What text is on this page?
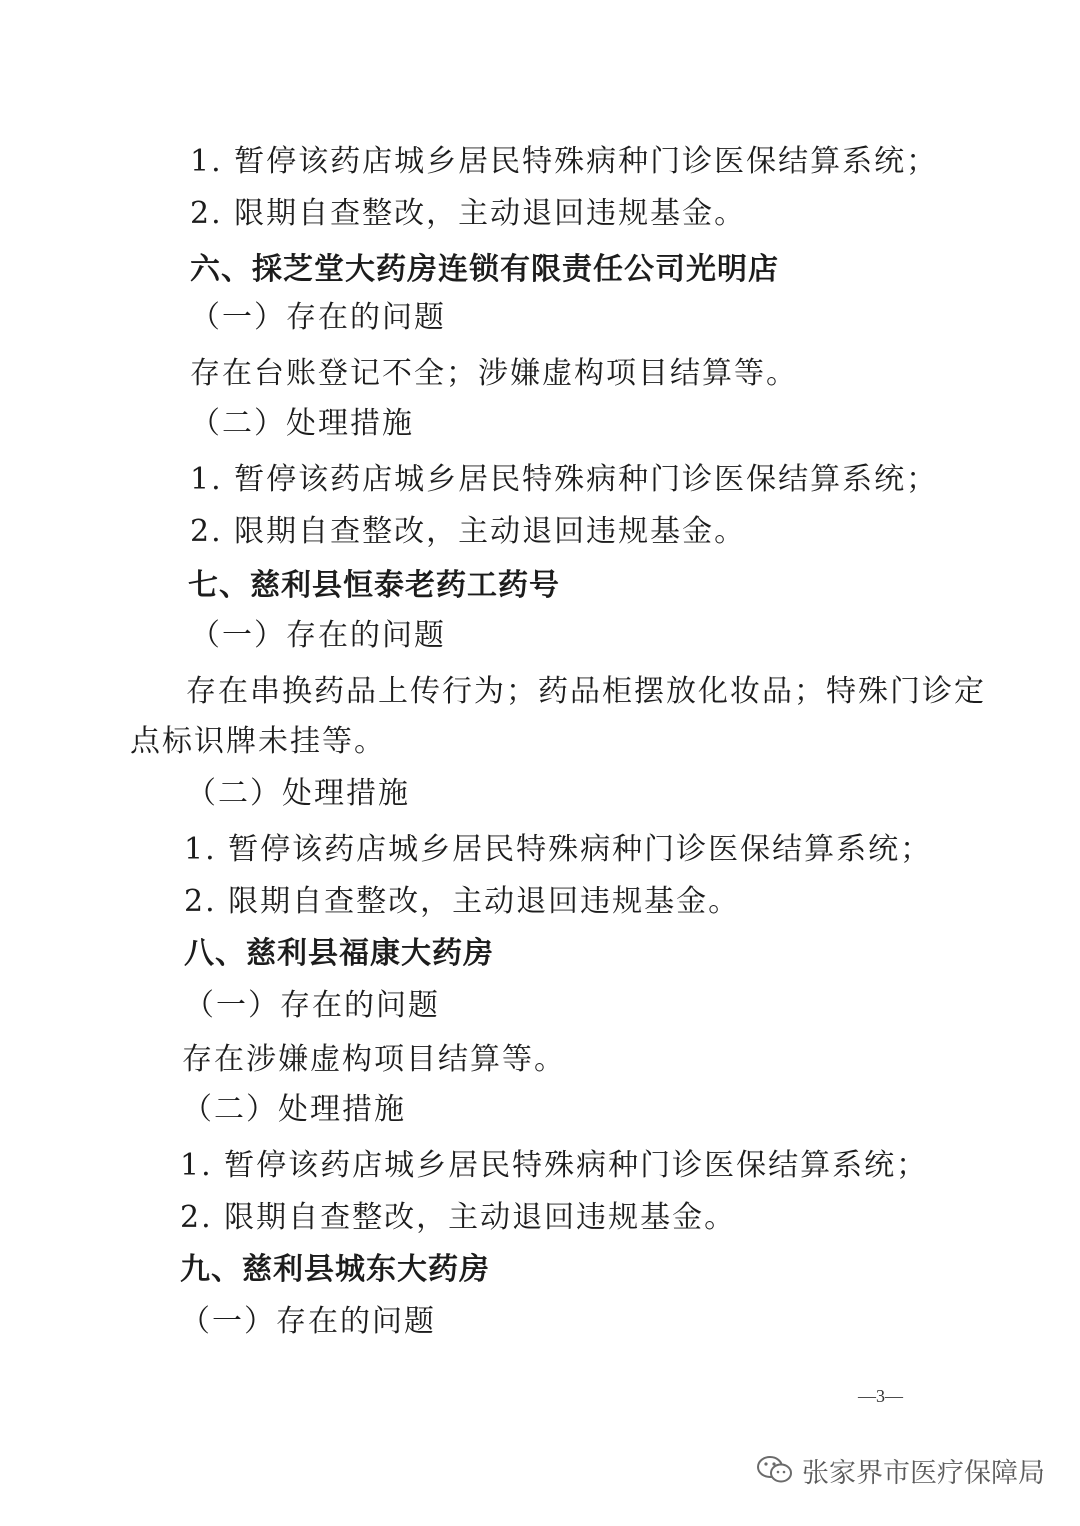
1. 暂停该药店城乡居民特殊病种门诊医保结算系统；
2. 限期自查整改，主动退回违规基金。
六、採芝堂大药房连锁有限责任公司光明店
（一）存在的问题
存在台账登记不全；涉嫌虚构项目结算等。
（二）处理措施
1. 暂停该药店城乡居民特殊病种门诊医保结算系统；
2. 限期自查整改，主动退回违规基金。
七、慈利县恒泰老药工药号
（一）存在的问题
存在串换药品上传行为；药品柜摆放化妆品；特殊门诊定
点标识牌未挂等。
（二）处理措施
1. 暂停该药店城乡居民特殊病种门诊医保结算系统；
2. 限期自查整改，主动退回违规基金。
八、慈利县福康大药房
（一）存在的问题
存在涉嫌虚构项目结算等。
（二）处理措施
1. 暂停该药店城乡居民特殊病种门诊医保结算系统；
2. 限期自查整改，主动退回违规基金。
九、慈利县城东大药房
（一）存在的问题
—3—
张家界市医疗保障局
